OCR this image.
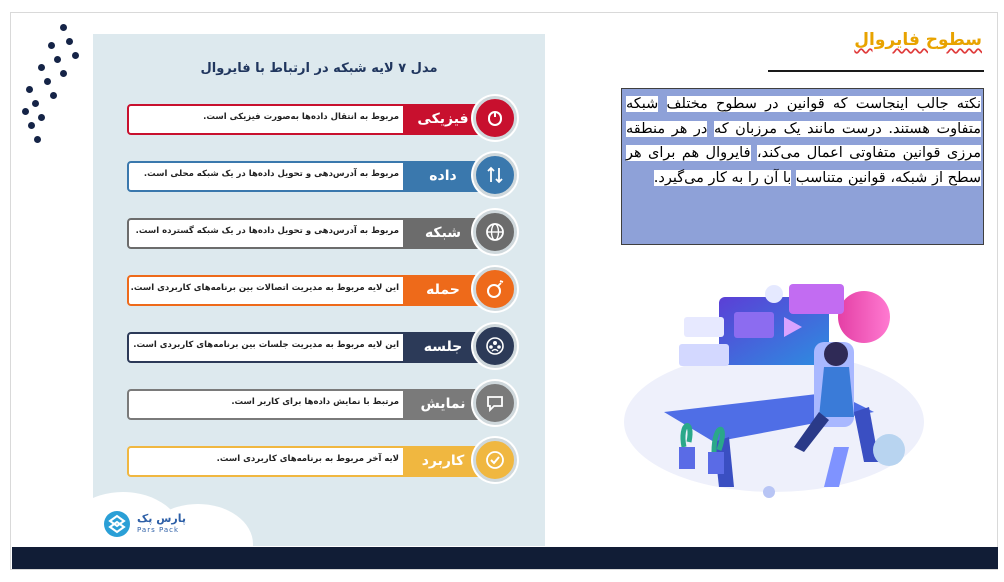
سطوح فایروال
نکته جالب اینجاست که قوانین در سطوح مختلف شبکه متفاوت هستند. درست مانند یک مرزبان که در هر منطقه مرزی قوانین متفاوتی اعمال می‌کند، فایروال هم برای هر سطح از شبکه، قوانین متناسب با آن را به کار می‌گیرد.
مدل ۷ لایه شبکه در ارتباط با فایروال
مربوط به انتقال داده‌ها به‌صورت فیزیکی است.	فیزیکی
مربوط به آدرس‌دهی و تحویل داده‌ها در یک شبکه محلی است.	داده
مربوط به آدرس‌دهی و تحویل داده‌ها در یک شبکه گسترده است.	شبکه
این لایه مربوط به مدیریت اتصالات بین برنامه‌های کاربردی است.	حمله
این لایه مربوط به مدیریت جلسات بین برنامه‌های کاربردی است.	جلسه
مرتبط با نمایش داده‌ها برای کاربر است.	نمایش
لایه آخر مربوط به برنامه‌های کاربردی است.	کاربرد
پارس پک
Pars Pack
